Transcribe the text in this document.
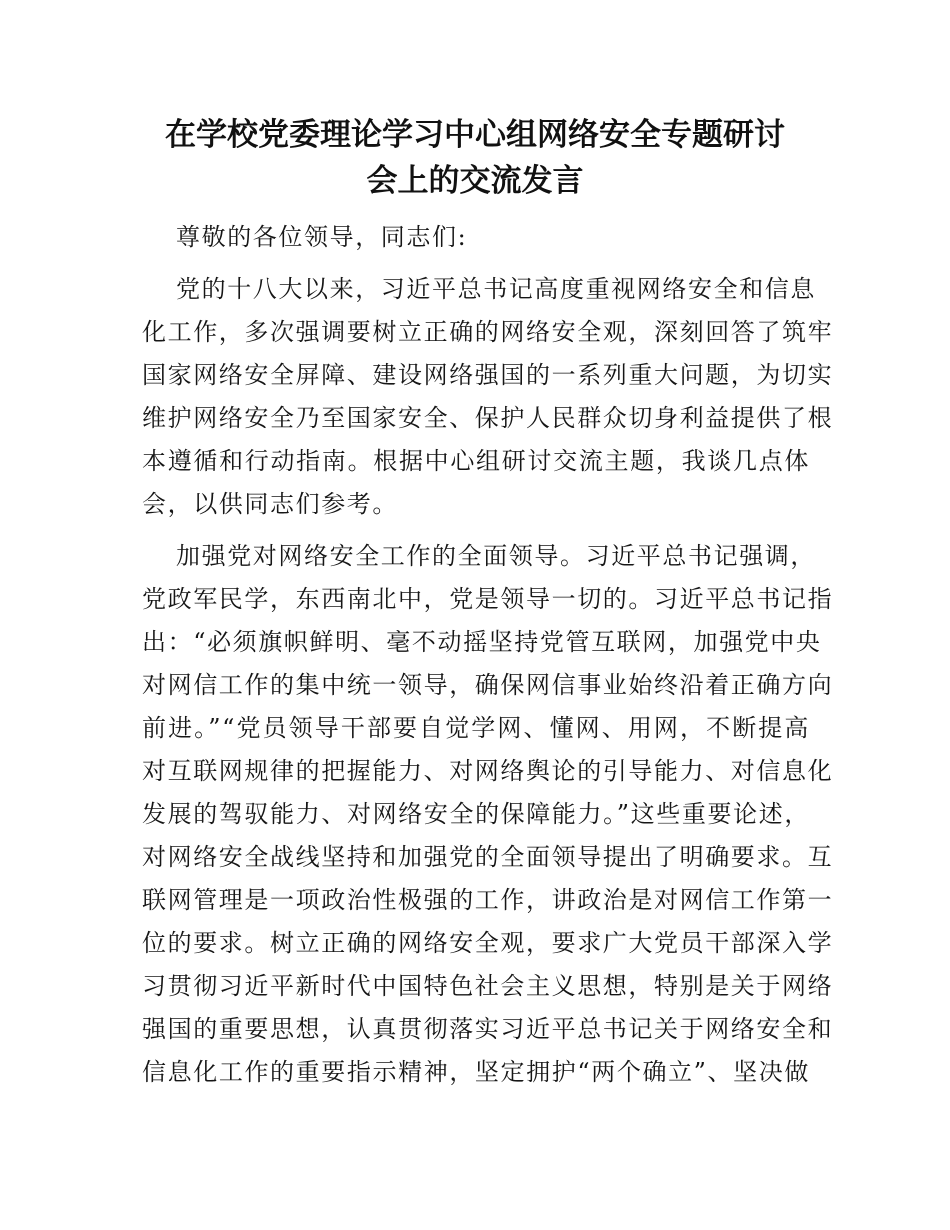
在学校党委理论学习中心组网络安全专题研讨
会上的交流发言
尊敬的各位领导，同志们:
党的十八大以来，习近平总书记高度重视网络安全和信息
化工作，多次强调要树立正确的网络安全观，深刻回答了筑牢
国家网络安全屏障、建设网络强国的一系列重大问题，为切实
维护网络安全乃至国家安全、保护人民群众切身利益提供了根
本遵循和行动指南。根据中心组研讨交流主题，我谈几点体
会，以供同志们参考。
加强党对网络安全工作的全面领导。习近平总书记强调，
党政军民学，东西南北中，党是领导一切的。习近平总书记指
出：“必须旗帜鲜明、毫不动摇坚持党管互联网，加强党中央
对网信工作的集中统一领导，确保网信事业始终沿着正确方向
前进。”“党员领导干部要自觉学网、懂网、用网，不断提高
对互联网规律的把握能力、对网络舆论的引导能力、对信息化
发展的驾驭能力、对网络安全的保障能力。”这些重要论述，
对网络安全战线坚持和加强党的全面领导提出了明确要求。互
联网管理是一项政治性极强的工作，讲政治是对网信工作第一
位的要求。树立正确的网络安全观，要求广大党员干部深入学
习贯彻习近平新时代中国特色社会主义思想，特别是关于网络
强国的重要思想，认真贯彻落实习近平总书记关于网络安全和
信息化工作的重要指示精神，坚定拥护“两个确立”、坚决做
